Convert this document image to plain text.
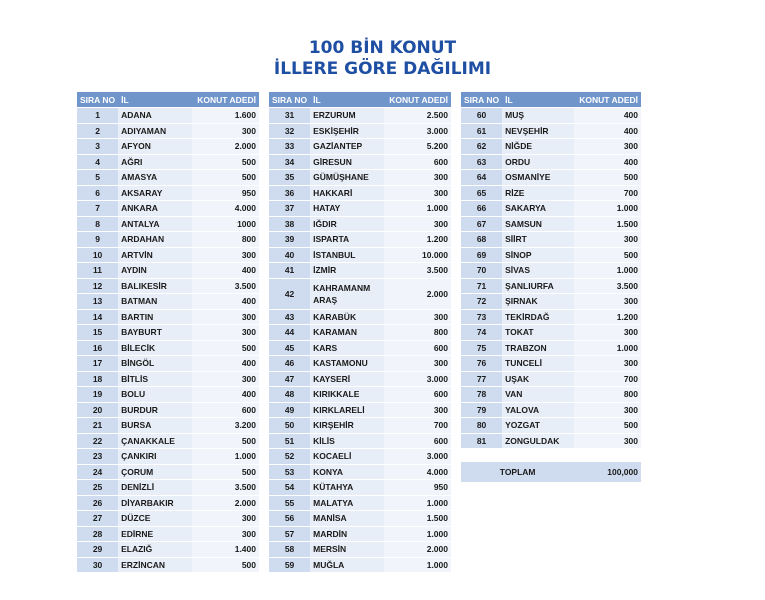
100 BİN KONUT
İLLERE GÖRE DAĞILIMI
SIRA NO	İL	KONUT ADEDİ
1	ADANA	1.600
2	ADIYAMAN	300
3	AFYON	2.000
4	AĞRI	500
5	AMASYA	500
6	AKSARAY	950
7	ANKARA	4.000
8	ANTALYA	1000
9	ARDAHAN	800
10	ARTVİN	300
11	AYDIN	400
12	BALIKESİR	3.500
13	BATMAN	400
14	BARTIN	300
15	BAYBURT	300
16	BİLECİK	500
17	BİNGÖL	400
18	BİTLİS	300
19	BOLU	400
20	BURDUR	600
21	BURSA	3.200
22	ÇANAKKALE	500
23	ÇANKIRI	1.000
24	ÇORUM	500
25	DENİZLİ	3.500
26	DİYARBAKIR	2.000
27	DÜZCE	300
28	EDİRNE	300
29	ELAZIĞ	1.400
30	ERZİNCAN	500
SIRA NO	İL	KONUT ADEDİ
31	ERZURUM	2.500
32	ESKİŞEHİR	3.000
33	GAZİANTEP	5.200
34	GİRESUN	600
35	GÜMÜŞHANE	300
36	HAKKARİ	300
37	HATAY	1.000
38	IĞDIR	300
39	ISPARTA	1.200
40	İSTANBUL	10.000
41	İZMİR	3.500
42	KAHRAMANM ARAŞ	2.000
43	KARABÜK	300
44	KARAMAN	800
45	KARS	600
46	KASTAMONU	300
47	KAYSERİ	3.000
48	KIRIKKALE	600
49	KIRKLARELİ	300
50	KIRŞEHİR	700
51	KİLİS	600
52	KOCAELİ	3.000
53	KONYA	4.000
54	KÜTAHYA	950
55	MALATYA	1.000
56	MANİSA	1.500
57	MARDİN	1.000
58	MERSİN	2.000
59	MUĞLA	1.000
SIRA NO	İL	KONUT ADEDİ
60	MUŞ	400
61	NEVŞEHİR	400
62	NİĞDE	300
63	ORDU	400
64	OSMANİYE	500
65	RİZE	700
66	SAKARYA	1.000
67	SAMSUN	1.500
68	SİİRT	300
69	SİNOP	500
70	SİVAS	1.000
71	ŞANLIURFA	3.500
72	ŞIRNAK	300
73	TEKİRDAĞ	1.200
74	TOKAT	300
75	TRABZON	1.000
76	TUNCELİ	300
77	UŞAK	700
78	VAN	800
79	YALOVA	300
80	YOZGAT	500
81	ZONGULDAK	300

TOPLAM		100,000
